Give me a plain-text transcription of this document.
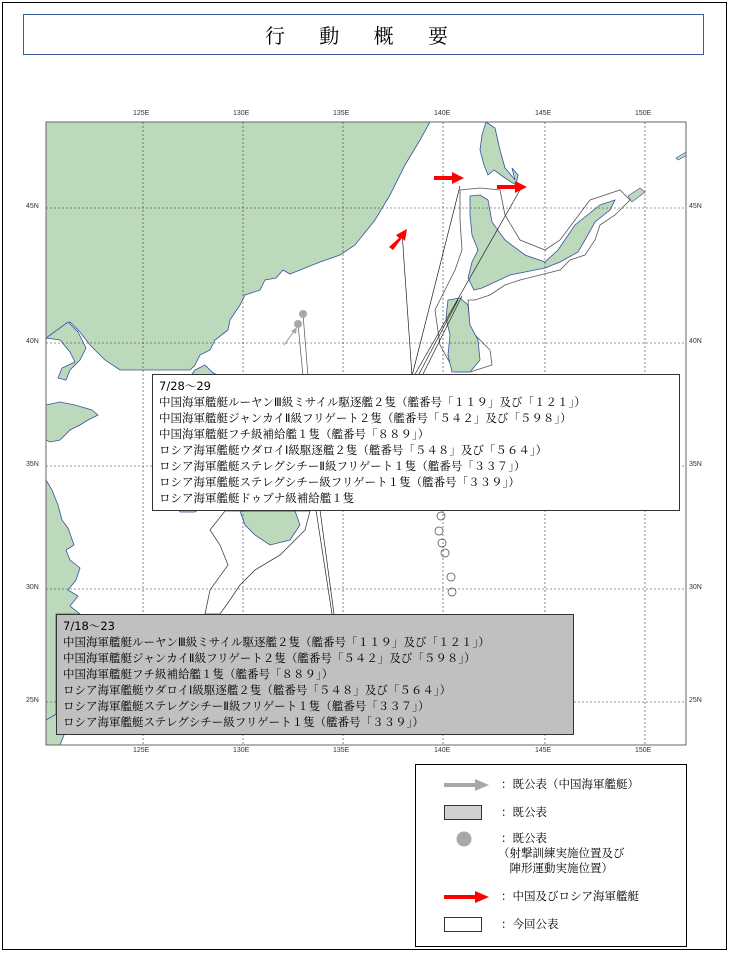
行 動 概 要
125E	130E	135E	140E	145E	150E
125E	130E	135E	140E	145E	150E
45N
40N
35N
30N
25N
45N
40N
35N
30N
25N
7/28～29
中国海軍艦艇ルーヤンⅢ級ミサイル駆逐艦２隻（艦番号「１１９」及び「１２１」）
中国海軍艦艇ジャンカイⅡ級フリゲート２隻（艦番号「５４２」及び「５９８」）
中国海軍艦艇フチ級補給艦１隻（艦番号「８８９」）
ロシア海軍艦艇ウダロイⅠ級駆逐艦２隻（艦番号「５４８」及び「５６４」）
ロシア海軍艦艇ステレグシチーⅡ級フリゲート１隻（艦番号「３３７」）
ロシア海軍艦艇ステレグシチー級フリゲート１隻（艦番号「３３９」）
ロシア海軍艦艇ドゥブナ級補給艦１隻
7/18～23
中国海軍艦艇ルーヤンⅢ級ミサイル駆逐艦２隻（艦番号「１１９」及び「１２１」）
中国海軍艦艇ジャンカイⅡ級フリゲート２隻（艦番号「５４２」及び「５９８」）
中国海軍艦艇フチ級補給艦１隻（艦番号「８８９」）
ロシア海軍艦艇ウダロイⅠ級駆逐艦２隻（艦番号「５４８」及び「５６４」）
ロシア海軍艦艇ステレグシチーⅡ級フリゲート１隻（艦番号「３３７」）
ロシア海軍艦艇ステレグシチー級フリゲート１隻（艦番号「３３９」）
：既公表（中国海軍艦艇）
：既公表
：既公表
（射撃訓練実施位置及び
　陣形運動実施位置）
：中国及びロシア海軍艦艇
：今回公表
